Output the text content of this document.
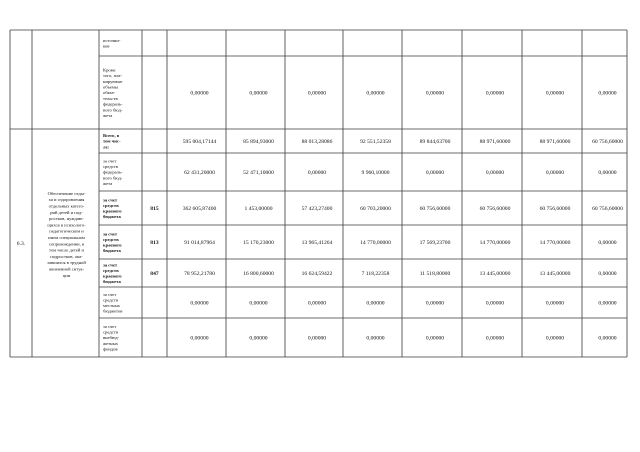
источни-
ков
Кроме
того, пла-
нируемые
объемы
обяза-
тельств
федераль-
ного бюд-
жета
0,00000	0,00000	0,00000	0,00000	0,00000	0,00000	0,00000	0,00000
6.3.
Обеспечение отды-
ха и оздоровления
отдельных катего-
рий детей и под-
ростков, нуждаю-
щихся в психолого-
педагогическом и
ином специальном
сопровождении, в
том числе детей и
подростков, ока-
завшихся в трудной
жизненной ситуа-
ции
Всего, в
том чис-
ле:
595 004,17144	85 894,93000	88 013,28086	92 551,52358	89 844,63700	88 971,60000	88 971,60000	60 756,60000
за счет
средств
федераль-
ного бюд-
жета
62 431,20000	52 471,10000	0,00000	9 960,10000	0,00000	0,00000	0,00000	0,00000
за счет
средств
краевого
бюджета
815	362 605,87400	1 453,00000	57 423,27400	60 703,20000	60 756,60000	60 756,60000	60 756,60000	60 756,60000
за счет
средств
краевого
бюджета
813	91 014,87964	15 170,23000	13 965,41264	14 770,00000	17 569,23700	14 770,00000	14 770,00000	0,00000
за счет
средств
краевого
бюджета
847	78 952,21780	16 800,60000	16 624,59422	7 118,22358	11 518,80000	13 445,00000	13 445,00000	0,00000
за счет
средств
местных
бюджетов
0,00000	0,00000	0,00000	0,00000	0,00000	0,00000	0,00000	0,00000
за счет
средств
внебюд-
жетных
фондов
0,00000	0,00000	0,00000	0,00000	0,00000	0,00000	0,00000	0,00000
